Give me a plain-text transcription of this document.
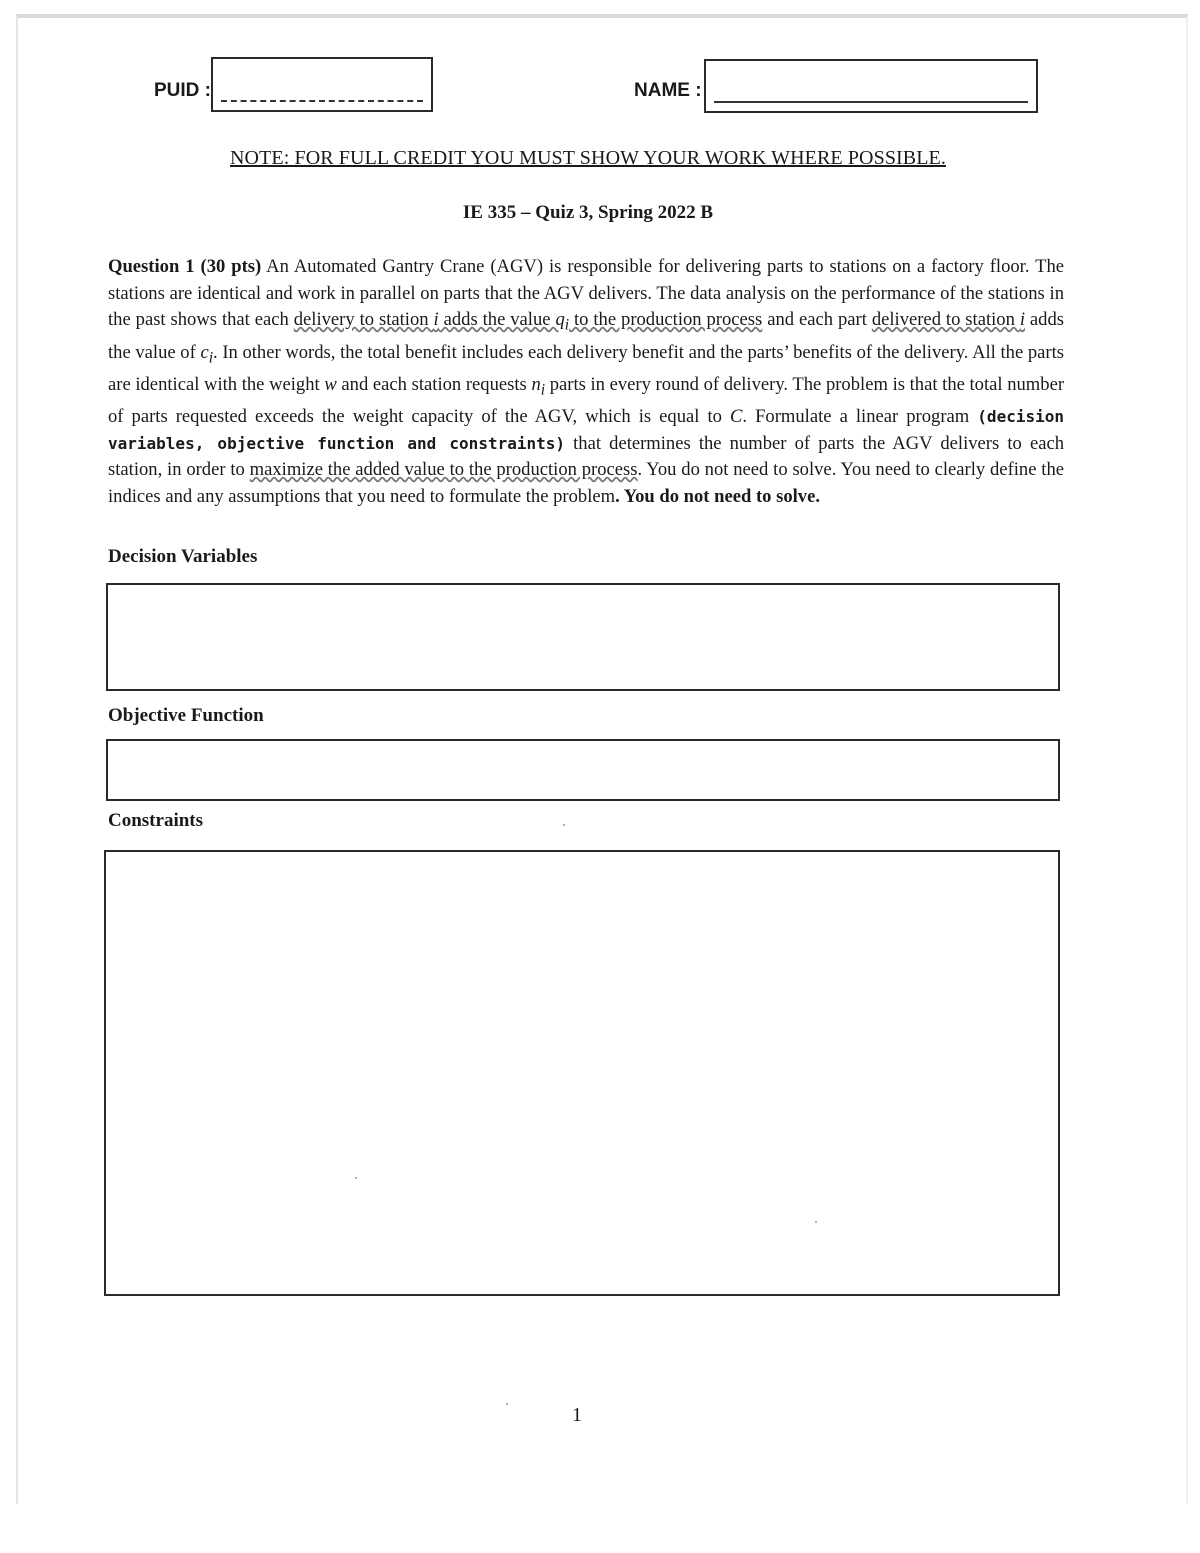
PUID :	NAME :
NOTE: FOR FULL CREDIT YOU MUST SHOW YOUR WORK WHERE POSSIBLE.
IE 335 – Quiz 3, Spring 2022 B
Question 1 (30 pts) An Automated Gantry Crane (AGV) is responsible for delivering parts to stations on a factory floor. The stations are identical and work in parallel on parts that the AGV delivers. The data analysis on the performance of the stations in the past shows that each delivery to station i adds the value $q_i$ to the production process and each part delivered to station i adds the value of $c_i$. In other words, the total benefit includes each delivery benefit and the parts’ benefits of the delivery. All the parts are identical with the weight w and each station requests $n_i$ parts in every round of delivery. The problem is that the total number of parts requested exceeds the weight capacity of the AGV, which is equal to C. Formulate a linear program (decision variables, objective function and constraints) that determines the number of parts the AGV delivers to each station, in order to maximize the added value to the production process. You do not need to solve. You need to clearly define the indices and any assumptions that you need to formulate the problem. You do not need to solve.
Decision Variables
Objective Function
Constraints
1
